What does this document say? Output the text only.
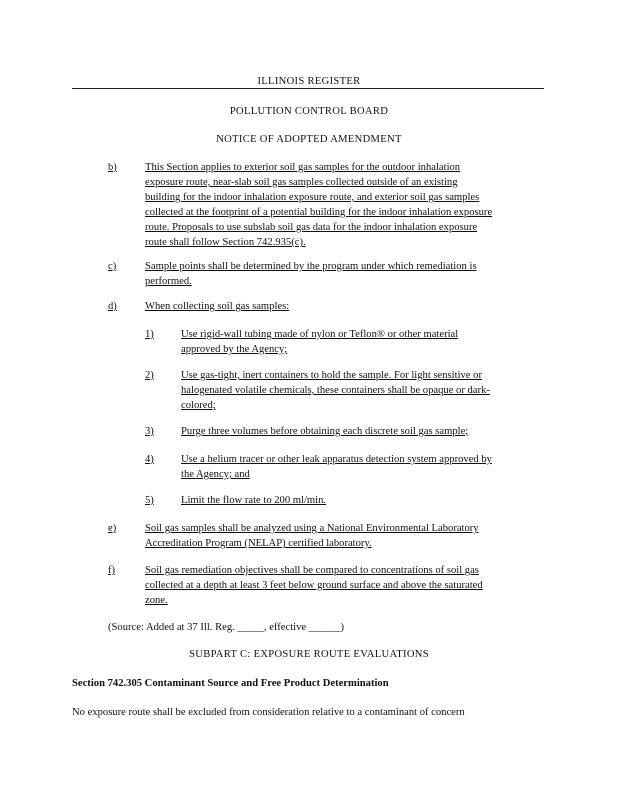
ILLINOIS REGISTER
POLLUTION CONTROL BOARD
NOTICE OF ADOPTED AMENDMENT
b)	This Section applies to exterior soil gas samples for the outdoor inhalation
exposure route, near-slab soil gas samples collected outside of an existing
building for the indoor inhalation exposure route, and exterior soil gas samples
collected at the footprint of a potential building for the indoor inhalation exposure
route. Proposals to use subslab soil gas data for the indoor inhalation exposure
route shall follow Section 742.935(c).
c)	Sample points shall be determined by the program under which remediation is
performed.
d)	When collecting soil gas samples:
1)	Use rigid-wall tubing made of nylon or Teflon® or other material
approved by the Agency;
2)	Use gas-tight, inert containers to hold the sample. For light sensitive or
halogenated volatile chemicals, these containers shall be opaque or dark-
colored;
3)	Purge three volumes before obtaining each discrete soil gas sample;
4)	Use a helium tracer or other leak apparatus detection system approved by
the Agency; and
5)	Limit the flow rate to 200 ml/min.
e)	Soil gas samples shall be analyzed using a National Environmental Laboratory
Accreditation Program (NELAP) certified laboratory.
f)	Soil gas remediation objectives shall be compared to concentrations of soil gas
collected at a depth at least 3 feet below ground surface and above the saturated
zone.
(Source: Added at 37 Ill. Reg. _____, effective ______)
SUBPART C: EXPOSURE ROUTE EVALUATIONS
Section 742.305 Contaminant Source and Free Product Determination
No exposure route shall be excluded from consideration relative to a contaminant of concern
